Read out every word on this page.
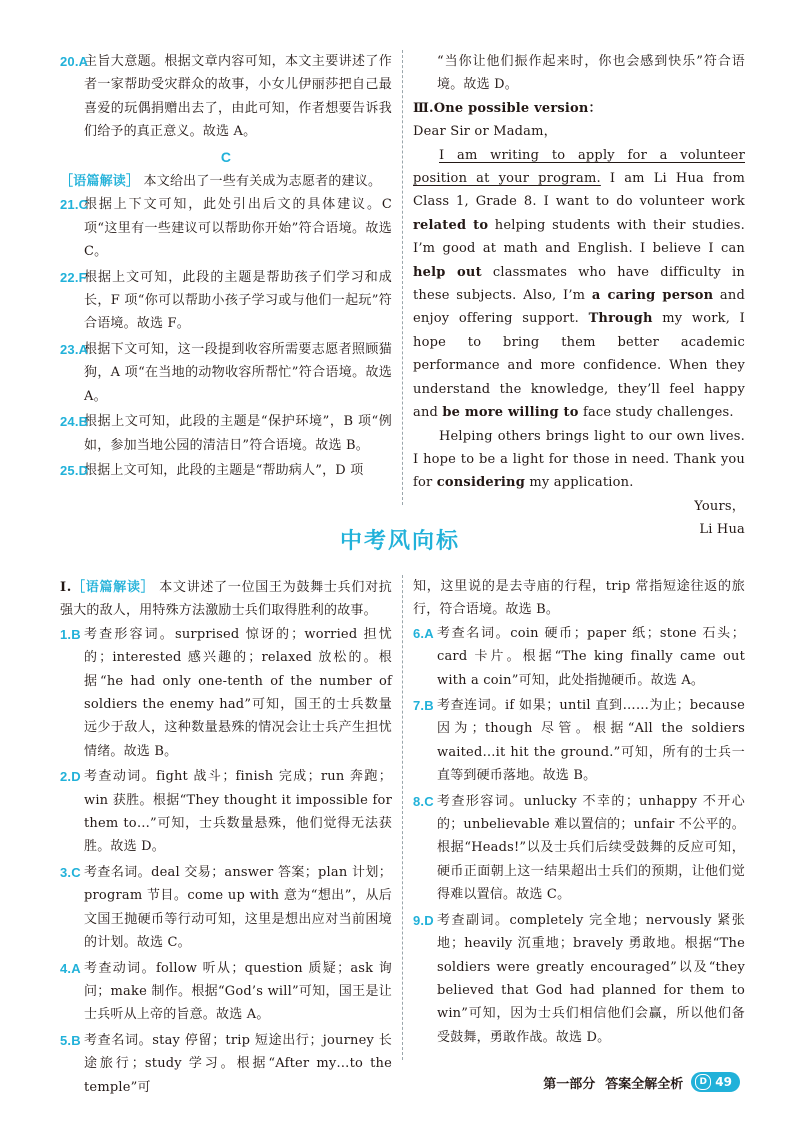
20.A
主旨大意题。根据文章内容可知，本文主要讲述了作者一家帮助受灾群众的故事，小女儿伊丽莎把自己最喜爱的玩偶捐赠出去了，由此可知，作者想要告诉我们给予的真正意义。故选 A。
C

［语篇解读］ 本文给出了一些有关成为志愿者的建议。

21.C
根据上下文可知，此处引出后文的具体建议。C 项“这里有一些建议可以帮助你开始”符合语境。故选 C。
22.F
根据上文可知，此段的主题是帮助孩子们学习和成长，F 项“你可以帮助小孩子学习或与他们一起玩”符合语境。故选 F。
23.A
根据下文可知，这一段提到收容所需要志愿者照顾猫狗，A 项“在当地的动物收容所帮忙”符合语境。故选 A。
24.B
根据上文可知，此段的主题是“保护环境”，B 项“例如，参加当地公园的清洁日”符合语境。故选 B。
25.D
根据上文可知，此段的主题是“帮助病人”，D 项

“当你让他们振作起来时，你也会感到快乐”符合语境。故选 D。

Ⅲ.One possible version：

Dear Sir or Madam，

I am writing to apply for a volunteer position at your program. I am Li Hua from Class 1, Grade 8. I want to do volunteer work related to helping students with their studies. I’m good at math and English. I believe I can help out classmates who have difficulty in these subjects. Also, I’m a caring person and enjoy offering support. Through my work, I hope to bring them better academic performance and more confidence. When they understand the knowledge, they’ll feel happy and be more willing to face study challenges.

Helping others brings light to our own lives. I hope to be a light for those in need. Thank you for considering my application.

Yours，

Li Hua

中考风向标

Ⅰ.［语篇解读］ 本文讲述了一位国王为鼓舞士兵们对抗强大的敌人，用特殊方法激励士兵们取得胜利的故事。

1.B 考查形容词。surprised 惊讶的；worried 担忧的；interested 感兴趣的；relaxed 放松的。根据“he had only one-tenth of the number of soldiers the enemy had”可知，国王的士兵数量远少于敌人，这种数量悬殊的情况会让士兵产生担忧情绪。故选 B。
2.D 考查动词。fight 战斗；finish 完成；run 奔跑；win 获胜。根据“They thought it impossible for them to…”可知，士兵数量悬殊，他们觉得无法获胜。故选 D。
3.C 考查名词。deal 交易；answer 答案；plan 计划；program 节目。come up with 意为“想出”，从后文国王抛硬币等行动可知，这里是想出应对当前困境的计划。故选 C。
4.A 考查动词。follow 听从；question 质疑；ask 询问；make 制作。根据“God’s will”可知，国王是让士兵听从上帝的旨意。故选 A。
5.B 考查名词。stay 停留；trip 短途出行；journey 长途旅行；study 学习。根据“After my…to the temple”可

知，这里说的是去寺庙的行程，trip 常指短途往返的旅行，符合语境。故选 B。

6.A 考查名词。coin 硬币；paper 纸；stone 石头；card 卡片。根据“The king finally came out with a coin”可知，此处指抛硬币。故选 A。
7.B 考查连词。if 如果；until 直到……为止；because 因为；though 尽管。根据“All the soldiers waited…it hit the ground.”可知，所有的士兵一直等到硬币落地。故选 B。
8.C 考查形容词。unlucky 不幸的；unhappy 不开心的；unbelievable 难以置信的；unfair 不公平的。根据“Heads!”以及士兵们后续受鼓舞的反应可知，硬币正面朝上这一结果超出士兵们的预期，让他们觉得难以置信。故选 C。
9.D 考查副词。completely 完全地；nervously 紧张地；heavily 沉重地；bravely 勇敢地。根据“The soldiers were greatly encouraged”以及“they believed that God had planned for them to win”可知，因为士兵们相信他们会赢，所以他们备受鼓舞，勇敢作战。故选 D。
第一部分 答案全解全析	D 49
